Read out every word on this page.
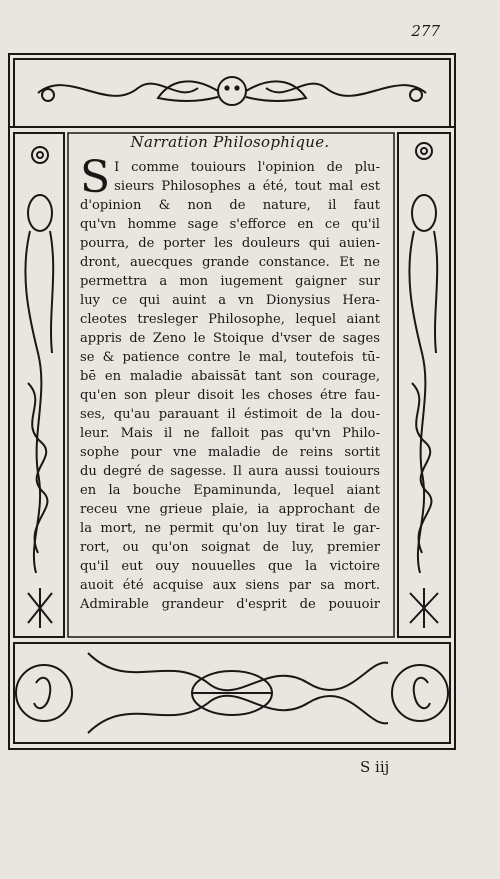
277
Narration Philosophique.
S I comme touiours l'opinion de plu-
sieurs Philosophes a été, tout mal est
d'opinion & non de nature, il faut
qu'vn homme sage s'efforce en ce qu'il
pourra, de porter les douleurs qui auien-
dront, auecques grande constance. Et ne
permettra a mon iugement gaigner sur
luy ce qui auint a vn Dionysius Hera-
cleotes tresleger Philosophe, lequel aiant
appris de Zeno le Stoique d'vser de sages
se & patience contre le mal, toutefois tū-
bē en maladie abaissāt tant son courage,
qu'en son pleur disoit les choses étre fau-
ses, qu'au parauant il éstimoit de la dou-
leur. Mais il ne falloit pas qu'vn Philo-
sophe pour vne maladie de reins sortit
du degré de sagesse. Il aura aussi touiours
en la bouche Epaminunda, lequel aiant
receu vne grieue plaie, ia approchant de
la mort, ne permit qu'on luy tirat le gar-
rort, ou qu'on soignat de luy, premier
qu'il eut ouy nouuelles que la victoire
auoit été acquise aux siens par sa mort.
Admirable grandeur d'esprit de pouuoir
S iij
